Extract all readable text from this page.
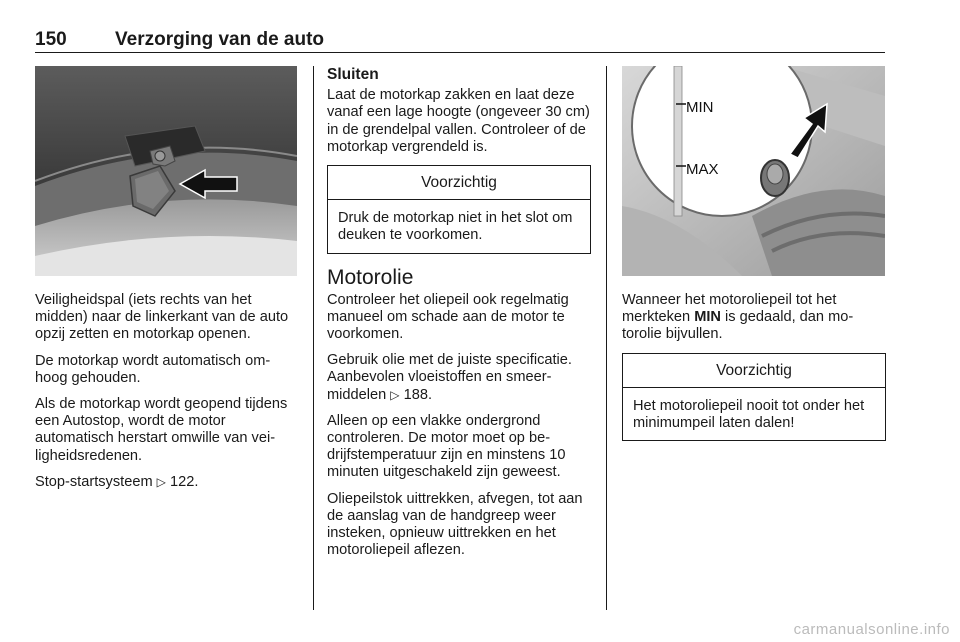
150	Verzorging van de auto
MIN
MAX

Veiligheidspal (iets rechts van het midden) naar de linkerkant van de auto opzij zetten en motorkap openen.

De motorkap wordt automatisch omhoog gehouden.

Als de motorkap wordt geopend tijdens een Autostop, wordt de motor automatisch herstart omwille van veiligheidsredenen.

Stop-startsysteem ▷ 122.

Sluiten

Laat de motorkap zakken en laat deze vanaf een lage hoogte (ongeveer 30 cm) in de grendelpal vallen. Controleer of de motorkap vergrendeld is.

Voorzichtig
Druk de motorkap niet in het slot om deuken te voorkomen.
Motorolie

Controleer het oliepeil ook regelmatig manueel om schade aan de motor te voorkomen.

Gebruik olie met de juiste specificatie. Aanbevolen vloeistoffen en smeermiddelen ▷ 188.

Alleen op een vlakke ondergrond controleren. De motor moet op bedrijfstemperatuur zijn en minstens 10 minuten uitgeschakeld zijn geweest.

Oliepeilstok uittrekken, afvegen, tot aan de aanslag van de handgreep weer insteken, opnieuw uittrekken en het motoroliepeil aflezen.

Wanneer het motoroliepeil tot het merkteken MIN is gedaald, dan motorolie bijvullen.

Voorzichtig
Het motoroliepeil nooit tot onder het minimumpeil laten dalen!
carmanualsonline.info
